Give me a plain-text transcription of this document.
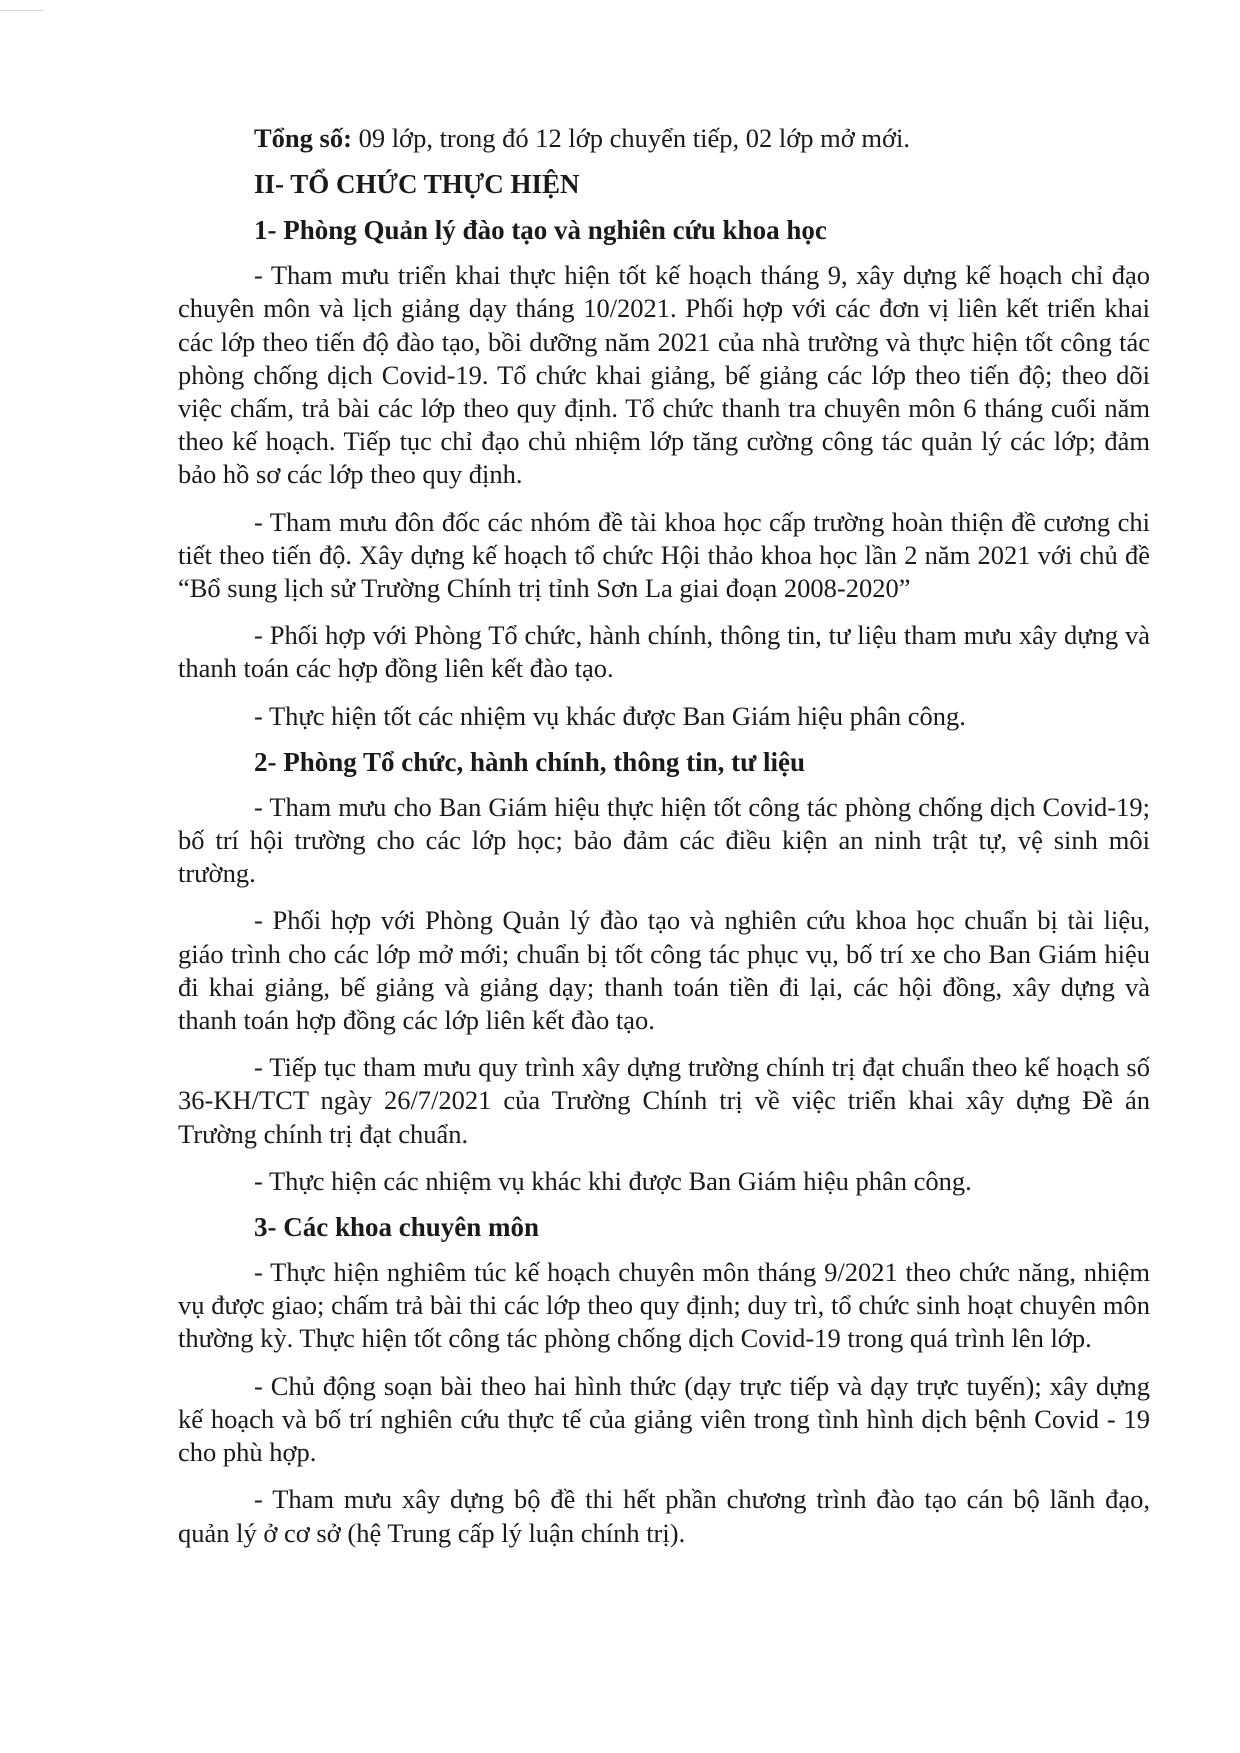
Tổng số: 09 lớp, trong đó 12 lớp chuyển tiếp, 02 lớp mở mới.

II- TỔ CHỨC THỰC HIỆN

1- Phòng Quản lý đào tạo và nghiên cứu khoa học

- Tham mưu triển khai thực hiện tốt kế hoạch tháng 9, xây dựng kế hoạch chỉ đạo chuyên môn và lịch giảng dạy tháng 10/2021. Phối hợp với các đơn vị liên kết triển khai các lớp theo tiến độ đào tạo, bồi dưỡng năm 2021 của nhà trường và thực hiện tốt công tác phòng chống dịch Covid-19. Tổ chức khai giảng, bế giảng các lớp theo tiến độ; theo dõi việc chấm, trả bài các lớp theo quy định. Tổ chức thanh tra chuyên môn 6 tháng cuối năm theo kế hoạch. Tiếp tục chỉ đạo chủ nhiệm lớp tăng cường công tác quản lý các lớp; đảm bảo hồ sơ các lớp theo quy định.

- Tham mưu đôn đốc các nhóm đề tài khoa học cấp trường hoàn thiện đề cương chi tiết theo tiến độ. Xây dựng kế hoạch tổ chức Hội thảo khoa học lần 2 năm 2021 với chủ đề “Bổ sung lịch sử Trường Chính trị tỉnh Sơn La giai đoạn 2008-2020”

- Phối hợp với Phòng Tổ chức, hành chính, thông tin, tư liệu tham mưu xây dựng và thanh toán các hợp đồng liên kết đào tạo.

- Thực hiện tốt các nhiệm vụ khác được Ban Giám hiệu phân công.

2- Phòng Tổ chức, hành chính, thông tin, tư liệu

- Tham mưu cho Ban Giám hiệu thực hiện tốt công tác phòng chống dịch Covid-19; bố trí hội trường cho các lớp học; bảo đảm các điều kiện an ninh trật tự, vệ sinh môi trường.

- Phối hợp với Phòng Quản lý đào tạo và nghiên cứu khoa học chuẩn bị tài liệu, giáo trình cho các lớp mở mới; chuẩn bị tốt công tác phục vụ, bố trí xe cho Ban Giám hiệu đi khai giảng, bế giảng và giảng dạy; thanh toán tiền đi lại, các hội đồng, xây dựng và thanh toán hợp đồng các lớp liên kết đào tạo.

- Tiếp tục tham mưu quy trình xây dựng trường chính trị đạt chuẩn theo kế hoạch số 36-KH/TCT ngày 26/7/2021 của Trường Chính trị về việc triển khai xây dựng Đề án Trường chính trị đạt chuẩn.

- Thực hiện các nhiệm vụ khác khi được Ban Giám hiệu phân công.

3- Các khoa chuyên môn

- Thực hiện nghiêm túc kế hoạch chuyên môn tháng 9/2021 theo chức năng, nhiệm vụ được giao; chấm trả bài thi các lớp theo quy định; duy trì, tổ chức sinh hoạt chuyên môn thường kỳ. Thực hiện tốt công tác phòng chống dịch Covid-19 trong quá trình lên lớp.

- Chủ động soạn bài theo hai hình thức (dạy trực tiếp và dạy trực tuyến); xây dựng kế hoạch và bố trí nghiên cứu thực tế của giảng viên trong tình hình dịch bệnh Covid - 19 cho phù hợp.

- Tham mưu xây dựng bộ đề thi hết phần chương trình đào tạo cán bộ lãnh đạo, quản lý ở cơ sở (hệ Trung cấp lý luận chính trị).
